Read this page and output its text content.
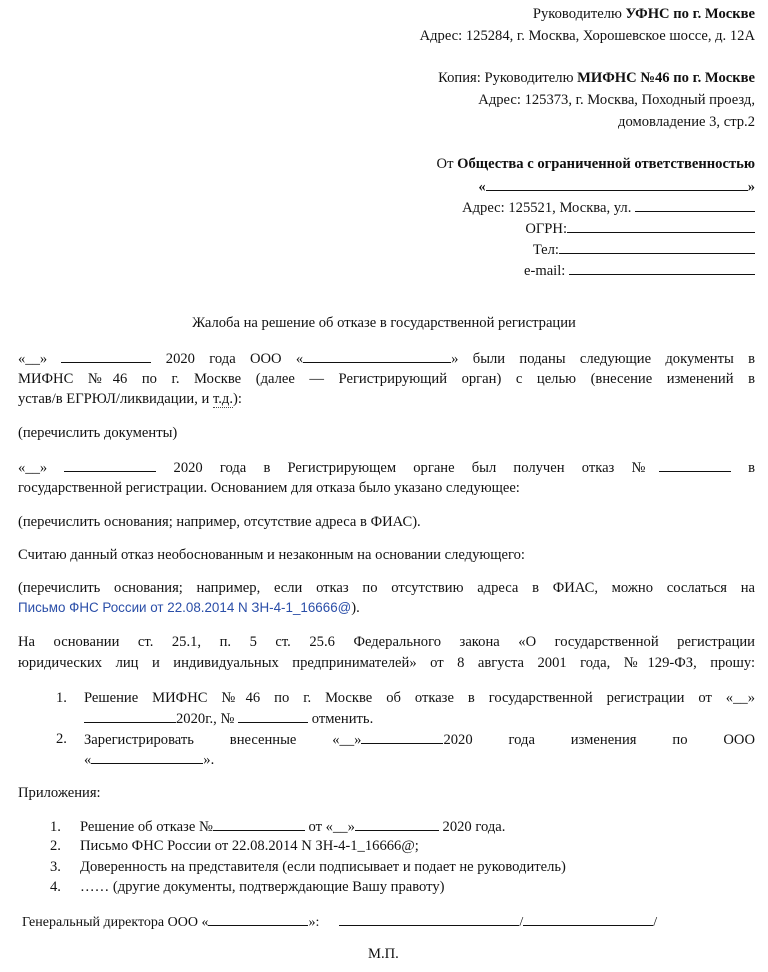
Руководителю УФНС по г. Москве
Адрес: 125284, г. Москва, Хорошевское шоссе, д. 12А
Копия: Руководителю МИФНС №46 по г. Москве
Адрес: 125373, г. Москва, Походный проезд,
домовладение 3, стр.2
От Общества с ограниченной ответственностью
«	»
Адрес: 125521, Москва, ул.
ОГРН:
Тел:
e-mail:
Жалоба на решение об отказе в государственной регистрации
«__»	2020 года ООО «	» были поданы следующие документы в
МИФНС №46 по г. Москве (далее — Регистрирующий орган) с целью (внесение изменений в
устав/в ЕГРЮЛ/ликвидации, и т.д.):
(перечислить документы)
«__»	2020 года в Регистрирующем органе был получен отказ №	в
государственной регистрации. Основанием для отказа было указано следующее:
(перечислить основания; например, отсутствие адреса в ФИАС).
Считаю данный отказ необоснованным и незаконным на основании следующего:
(перечислить основания; например, если отказ по отсутствию адреса в ФИАС, можно сослаться на
Письмо ФНС России от 22.08.2014 N ЗН-4-1_16666@).
На основании ст. 25.1, п. 5 ст. 25.6 Федерального закона «О государственной регистрации
юридических лиц и индивидуальных предпринимателей» от 8 августа 2001 года, №129-ФЗ, прошу:
1. Решение МИФНС №46 по г. Москве об отказе в государственной регистрации от «__»
2020г., №	отменить.
2. Зарегистрировать внесенные «__»	2020 года изменения по ООО
«	».
Приложения:
1. Решение об отказе №	от «__»	2020 года.
2. Письмо ФНС России от 22.08.2014 N ЗН-4-1_16666@;
3. Доверенность на представителя (если подписывает и подает не руководитель)
4. …… (другие документы, подтверждающие Вашу правоту)
Генеральный директора ООО «	»:	/	/
М.П.
